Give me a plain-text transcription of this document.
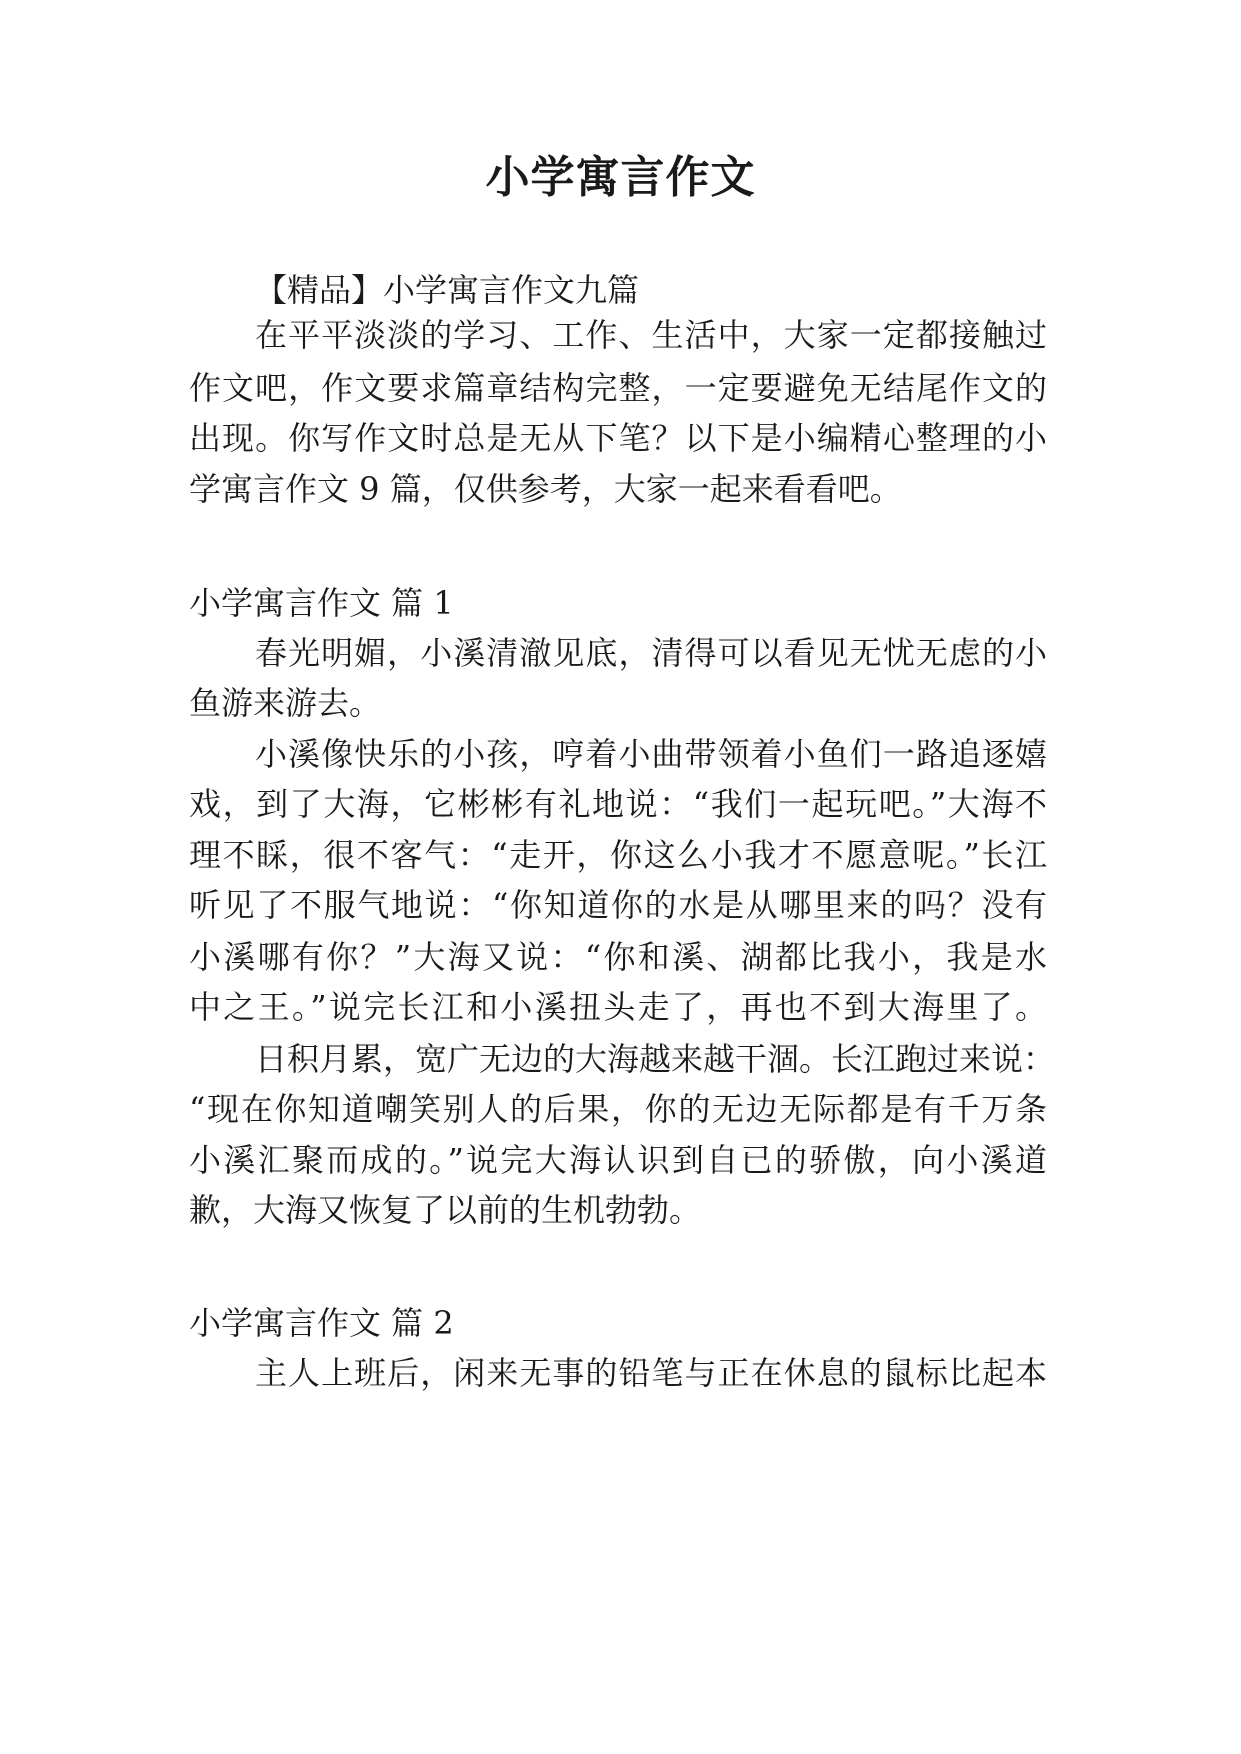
小学寓言作文

【精品】小学寓言作文九篇

在平平淡淡的学习、工作、生活中，大家一定都接触过

作文吧，作文要求篇章结构完整，一定要避免无结尾作文的

出现。你写作文时总是无从下笔？以下是小编精心整理的小

学寓言作文 9 篇，仅供参考，大家一起来看看吧。

小学寓言作文 篇 1

春光明媚，小溪清澈见底，清得可以看见无忧无虑的小

鱼游来游去。

小溪像快乐的小孩，哼着小曲带领着小鱼们一路追逐嬉

戏，到了大海，它彬彬有礼地说：“我们一起玩吧。”大海不

理不睬，很不客气：“走开，你这么小我才不愿意呢。”长江

听见了不服气地说：“你知道你的水是从哪里来的吗？没有

小溪哪有你？”大海又说：“你和溪、湖都比我小，我是水

中之王。”说完长江和小溪扭头走了，再也不到大海里了。

日积月累，宽广无边的大海越来越干涸。长江跑过来说：

“现在你知道嘲笑别人的后果，你的无边无际都是有千万条

小溪汇聚而成的。”说完大海认识到自已的骄傲，向小溪道

歉，大海又恢复了以前的生机勃勃。

小学寓言作文 篇 2

主人上班后，闲来无事的铅笔与正在休息的鼠标比起本
